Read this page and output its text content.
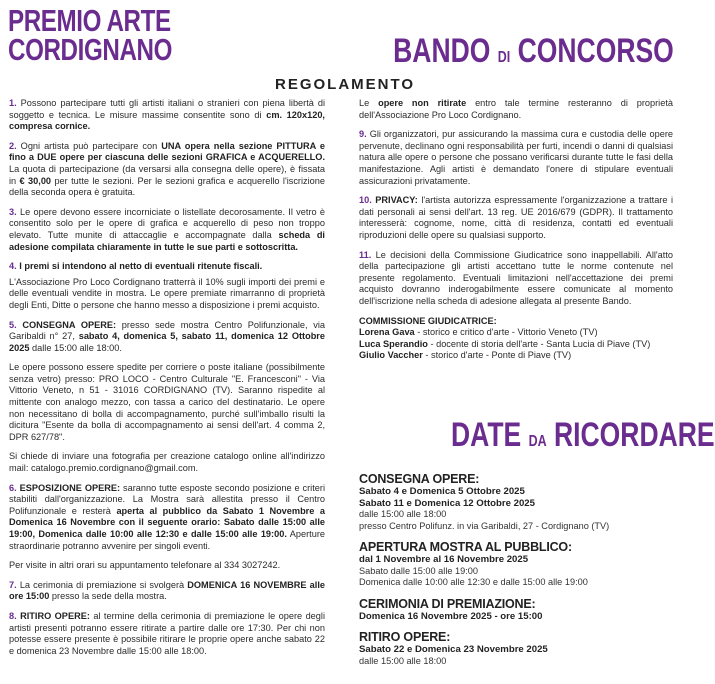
PREMIO ARTE
CORDIGNANO	BANDO DI CONCORSO
REGOLAMENTO

1. Possono partecipare tutti gli artisti italiani o stranieri con piena libertà di soggetto e tecnica. Le misure massime consentite sono di cm. 120x120, compresa cornice.

2. Ogni artista può partecipare con UNA opera nella sezione PITTURA e fino a DUE opere per ciascuna delle sezioni GRAFICA e ACQUERELLO. La quota di partecipazione (da versarsi alla consegna delle opere), è fissata in € 30,00 per tutte le sezioni. Per le sezioni grafica e acquerello l'iscrizione della seconda opera è gratuita.

3. Le opere devono essere incorniciate o listellate decorosamente. Il vetro è consentito solo per le opere di grafica e acquerello di peso non troppo elevato. Tutte munite di attaccaglie e accompagnate dalla scheda di adesione compilata chiaramente in tutte le sue parti e sottoscritta.

4. I premi si intendono al netto di eventuali ritenute fiscali.

L'Associazione Pro Loco Cordignano tratterrà il 10% sugli importi dei premi e delle eventuali vendite in mostra. Le opere premiate rimarranno di proprietà degli Enti, Ditte o persone che hanno messo a disposizione i premi acquisto.

5. CONSEGNA OPERE: presso sede mostra Centro Polifunzionale, via Garibaldi n° 27, sabato 4, domenica 5, sabato 11, domenica 12 Ottobre 2025 dalle 15:00 alle 18:00.

Le opere possono essere spedite per corriere o poste italiane (possibilmente senza vetro) presso: PRO LOCO - Centro Culturale "E. Francesconi" - Via Vittorio Veneto, n 51 - 31016 CORDIGNANO (TV). Saranno rispedite al mittente con analogo mezzo, con tassa a carico del destinatario. Le opere non necessitano di bolla di accompagnamento, purché sull'imballo risulti la dicitura "Esente da bolla di accompagnamento ai sensi dell'art. 4 comma 2, DPR 627/78".

Si chiede di inviare una fotografia per creazione catalogo online all'indirizzo mail: catalogo.premio.cordignano@gmail.com.

6. ESPOSIZIONE OPERE: saranno tutte esposte secondo posizione e criteri stabiliti dall'organizzazione. La Mostra sarà allestita presso il Centro Polifunzionale e resterà aperta al pubblico da Sabato 1 Novembre a Domenica 16 Novembre con il seguente orario: Sabato dalle 15:00 alle 19:00, Domenica dalle 10:00 alle 12:30 e dalle 15:00 alle 19:00. Aperture straordinarie potranno avvenire per singoli eventi.

Per visite in altri orari su appuntamento telefonare al 334 3027242.

7. La cerimonia di premiazione si svolgerà DOMENICA 16 NOVEMBRE alle ore 15:00 presso la sede della mostra.

8. RITIRO OPERE: al termine della cerimonia di premiazione le opere degli artisti presenti potranno essere ritirate a partire dalle ore 17:30. Per chi non potesse essere presente è possibile ritirare le proprie opere anche sabato 22 e domenica 23 Novembre dalle 15:00 alle 18:00.

Le opere non ritirate entro tale termine resteranno di proprietà dell'Associazione Pro Loco Cordignano.

9. Gli organizzatori, pur assicurando la massima cura e custodia delle opere pervenute, declinano ogni responsabilità per furti, incendi o danni di qualsiasi natura alle opere o persone che possano verificarsi durante tutte le fasi della manifestazione. Agli artisti è demandato l'onere di stipulare eventuali assicurazioni privatamente.

10. PRIVACY: l'artista autorizza espressamente l'organizzazione a trattare i dati personali ai sensi dell'art. 13 reg. UE 2016/679 (GDPR). Il trattamento interesserà: cognome, nome, città di residenza, contatti ed eventuali riproduzioni delle opere su qualsiasi supporto.

11. Le decisioni della Commissione Giudicatrice sono inappellabili. All'atto della partecipazione gli artisti accettano tutte le norme contenute nel presente regolamento. Eventuali limitazioni nell'accettazione dei premi acquisto dovranno inderogabilmente essere comunicate al momento dell'iscrizione nella scheda di adesione allegata al presente Bando.

COMMISSIONE GIUDICATRICE:
Lorena Gava - storico e critico d'arte - Vittorio Veneto (TV)
Luca Sperandio - docente di storia dell'arte - Santa Lucia di Piave (TV)
Giulio Vaccher - storico d'arte - Ponte di Piave (TV)
DATE DA RICORDARE
CONSEGNA OPERE:
Sabato 4 e Domenica 5 Ottobre 2025
Sabato 11 e Domenica 12 Ottobre 2025
dalle 15:00 alle 18:00
presso Centro Polifunz. in via Garibaldi, 27 - Cordignano (TV)
APERTURA MOSTRA AL PUBBLICO:
dal 1 Novembre al 16 Novembre 2025
Sabato dalle 15:00 alle 19:00
Domenica dalle 10:00 alle 12:30 e dalle 15:00 alle 19:00
CERIMONIA DI PREMIAZIONE:
Domenica 16 Novembre 2025 - ore 15:00
RITIRO OPERE:
Sabato 22 e Domenica 23 Novembre 2025
dalle 15:00 alle 18:00
